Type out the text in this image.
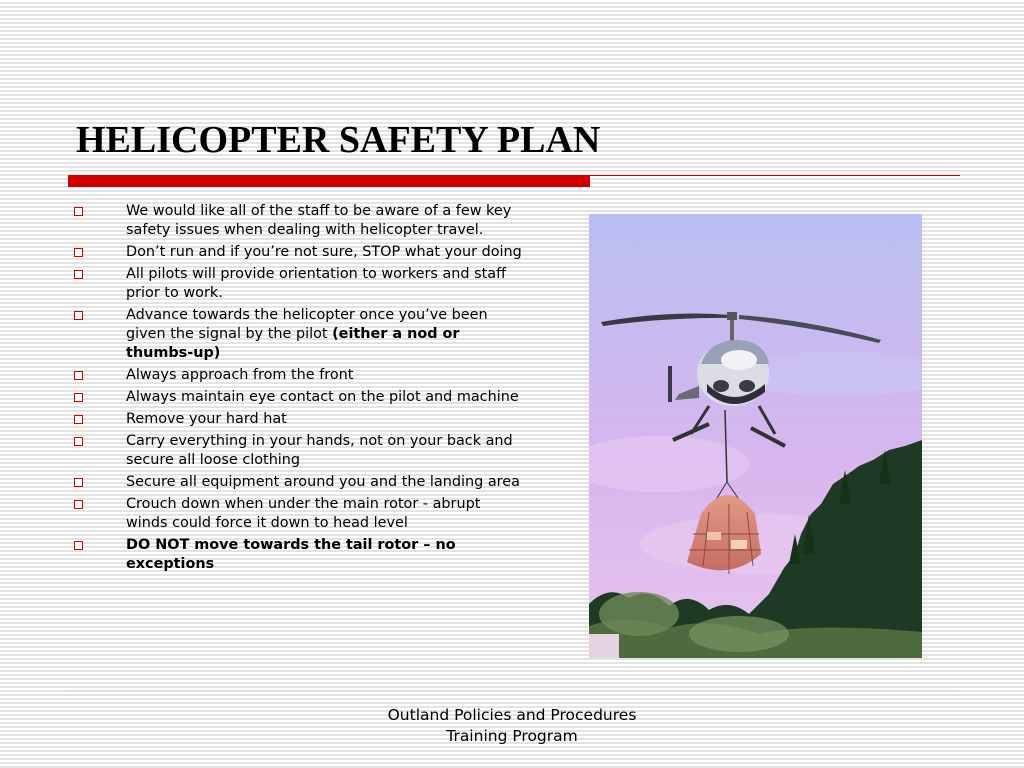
HELICOPTER SAFETY PLAN
We would like all of the staff to be aware of a few key safety issues when dealing with helicopter travel.
Don’t run and if you’re not sure, STOP what your doing
All pilots will provide orientation to workers and staff prior to work.
Advance towards the helicopter once you’ve been given the signal by the pilot (either a nod or thumbs-up)
Always approach from the front
Always maintain eye contact on the pilot and machine
Remove your hard hat
Carry everything in your hands, not on your back and secure all loose clothing
Secure all equipment around you and the landing area
Crouch down when under the main rotor - abrupt winds could force it down to head level
DO NOT move towards the tail rotor – no exceptions

Outland Policies and Procedures
Training Program
